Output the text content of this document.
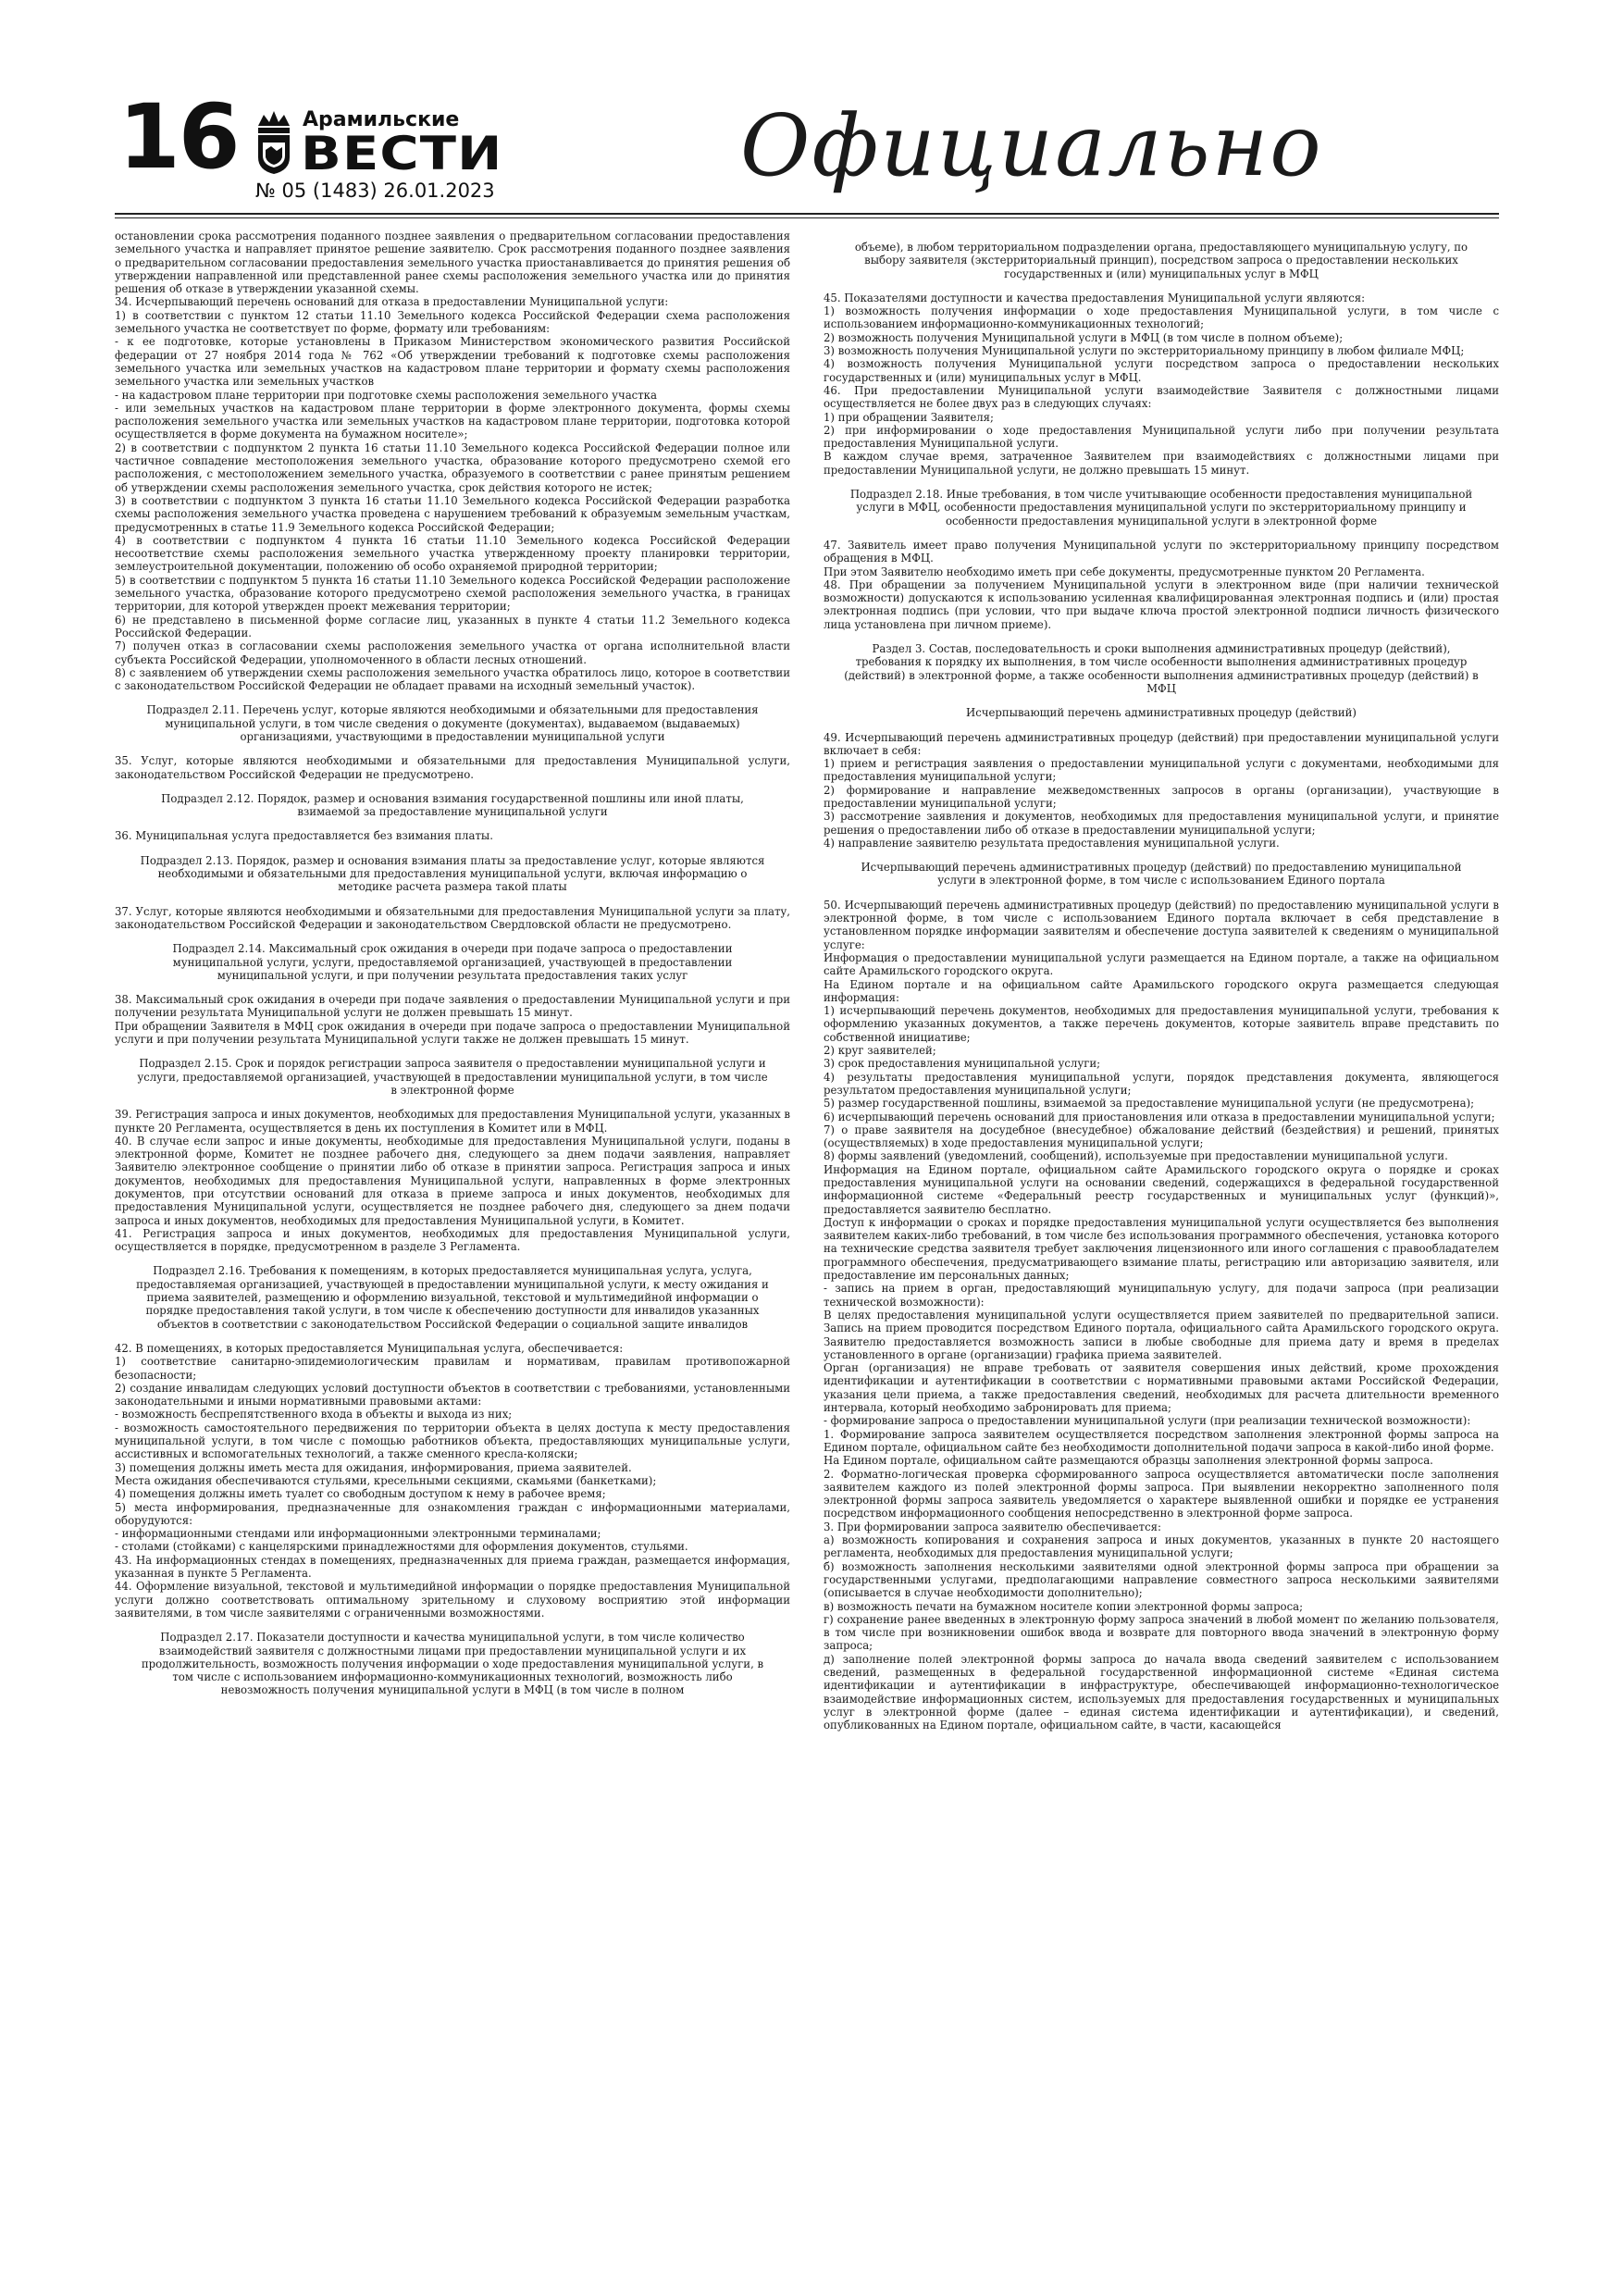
16	Арамильские
ВЕСТИ
№ 05 (1483) 26.01.2023	Официально

остановлении срока рассмотрения поданного позднее заявления о предварительном согласовании предоставления земельного участка и направляет принятое решение заявителю. Срок рассмотрения поданного позднее заявления о предварительном согласовании предоставления земельного участка приостанавливается до принятия решения об утверждении направленной или представленной ранее схемы расположения земельного участка или до принятия решения об отказе в утверждении указанной схемы.

34. Исчерпывающий перечень оснований для отказа в предоставлении Муниципальной услуги:

1) в соответствии с пунктом 12 статьи 11.10 Земельного кодекса Российской Федерации схема расположения земельного участка не соответствует по форме, формату или требованиям:

- к ее подготовке, которые установлены в Приказом Министерством экономического развития Российской федерации от 27 ноября 2014 года № 762 «Об утверждении требований к подготовке схемы расположения земельного участка или земельных участков на кадастровом плане территории и формату схемы расположения земельного участка или земельных участков

- на кадастровом плане территории при подготовке схемы расположения земельного участка

- или земельных участков на кадастровом плане территории в форме электронного документа, формы схемы расположения земельного участка или земельных участков на кадастровом плане территории, подготовка которой осуществляется в форме документа на бумажном носителе»;

2) в соответствии с подпунктом 2 пункта 16 статьи 11.10 Земельного кодекса Российской Федерации полное или частичное совпадение местоположения земельного участка, образование которого предусмотрено схемой его расположения, с местоположением земельного участка, образуемого в соответствии с ранее принятым решением об утверждении схемы расположения земельного участка, срок действия которого не истек;

3) в соответствии с подпунктом 3 пункта 16 статьи 11.10 Земельного кодекса Российской Федерации разработка схемы расположения земельного участка проведена с нарушением требований к образуемым земельным участкам, предусмотренных в статье 11.9 Земельного кодекса Российской Федерации;

4) в соответствии с подпунктом 4 пункта 16 статьи 11.10 Земельного кодекса Российской Федерации несоответствие схемы расположения земельного участка утвержденному проекту планировки территории, землеустроительной документации, положению об особо охраняемой природной территории;

5) в соответствии с подпунктом 5 пункта 16 статьи 11.10 Земельного кодекса Российской Федерации расположение земельного участка, образование которого предусмотрено схемой расположения земельного участка, в границах территории, для которой утвержден проект межевания территории;

6) не представлено в письменной форме согласие лиц, указанных в пункте 4 статьи 11.2 Земельного кодекса Российской Федерации.

7) получен отказ в согласовании схемы расположения земельного участка от органа исполнительной власти субъекта Российской Федерации, уполномоченного в области лесных отношений.

8) с заявлением об утверждении схемы расположения земельного участка обратилось лицо, которое в соответствии с законодательством Российской Федерации не обладает правами на исходный земельный участок).

Подраздел 2.11. Перечень услуг, которые являются необходимыми и обязательными для предоставления муниципальной услуги, в том числе сведения о документе (документах), выдаваемом (выдаваемых) организациями, участвующими в предоставлении муниципальной услуги

35. Услуг, которые являются необходимыми и обязательными для предоставления Муниципальной услуги, законодательством Российской Федерации не предусмотрено.

Подраздел 2.12. Порядок, размер и основания взимания государственной пошлины или иной платы, взимаемой за предоставление муниципальной услуги

36. Муниципальная услуга предоставляется без взимания платы.

Подраздел 2.13. Порядок, размер и основания взимания платы за предоставление услуг, которые являются необходимыми и обязательными для предоставления муниципальной услуги, включая информацию о методике расчета размера такой платы

37. Услуг, которые являются необходимыми и обязательными для предоставления Муниципальной услуги за плату, законодательством Российской Федерации и законодательством Свердловской области не предусмотрено.

Подраздел 2.14. Максимальный срок ожидания в очереди при подаче запроса о предоставлении муниципальной услуги, услуги, предоставляемой организацией, участвующей в предоставлении муниципальной услуги, и при получении результата предоставления таких услуг

38. Максимальный срок ожидания в очереди при подаче заявления о предоставлении Муниципальной услуги и при получении результата Муниципальной услуги не должен превышать 15 минут.

При обращении Заявителя в МФЦ срок ожидания в очереди при подаче запроса о предоставлении Муниципальной услуги и при получении результата Муниципальной услуги также не должен превышать 15 минут.

Подраздел 2.15. Срок и порядок регистрации запроса заявителя о предоставлении муниципальной услуги и услуги, предоставляемой организацией, участвующей в предоставлении муниципальной услуги, в том числе в электронной форме

39. Регистрация запроса и иных документов, необходимых для предоставления Муниципальной услуги, указанных в пункте 20 Регламента, осуществляется в день их поступления в Комитет или в МФЦ.

40. В случае если запрос и иные документы, необходимые для предоставления Муниципальной услуги, поданы в электронной форме, Комитет не позднее рабочего дня, следующего за днем подачи заявления, направляет Заявителю электронное сообщение о принятии либо об отказе в принятии запроса. Регистрация запроса и иных документов, необходимых для предоставления Муниципальной услуги, направленных в форме электронных документов, при отсутствии оснований для отказа в приеме запроса и иных документов, необходимых для предоставления Муниципальной услуги, осуществляется не позднее рабочего дня, следующего за днем подачи запроса и иных документов, необходимых для предоставления Муниципальной услуги, в Комитет.

41. Регистрация запроса и иных документов, необходимых для предоставления Муниципальной услуги, осуществляется в порядке, предусмотренном в разделе 3 Регламента.

Подраздел 2.16. Требования к помещениям, в которых предоставляется муниципальная услуга, услуга, предоставляемая организацией, участвующей в предоставлении муниципальной услуги, к месту ожидания и приема заявителей, размещению и оформлению визуальной, текстовой и мультимедийной информации о порядке предоставления такой услуги, в том числе к обеспечению доступности для инвалидов указанных объектов в соответствии с законодательством Российской Федерации о социальной защите инвалидов

42. В помещениях, в которых предоставляется Муниципальная услуга, обеспечивается:

1) соответствие санитарно-эпидемиологическим правилам и нормативам, правилам противопожарной безопасности;

2) создание инвалидам следующих условий доступности объектов в соответствии с требованиями, установленными законодательными и иными нормативными правовыми актами:

- возможность беспрепятственного входа в объекты и выхода из них;

- возможность самостоятельного передвижения по территории объекта в целях доступа к месту предоставления муниципальной услуги, в том числе с помощью работников объекта, предоставляющих муниципальные услуги, ассистивных и вспомогательных технологий, а также сменного кресла-коляски;

3) помещения должны иметь места для ожидания, информирования, приема заявителей.

Места ожидания обеспечиваются стульями, кресельными секциями, скамьями (банкетками);

4) помещения должны иметь туалет со свободным доступом к нему в рабочее время;

5) места информирования, предназначенные для ознакомления граждан с информационными материалами, оборудуются:

- информационными стендами или информационными электронными терминалами;

- столами (стойками) с канцелярскими принадлежностями для оформления документов, стульями.

43. На информационных стендах в помещениях, предназначенных для приема граждан, размещается информация, указанная в пункте 5 Регламента.

44. Оформление визуальной, текстовой и мультимедийной информации о порядке предоставления Муниципальной услуги должно соответствовать оптимальному зрительному и слуховому восприятию этой информации заявителями, в том числе заявителями с ограниченными возможностями.

Подраздел 2.17. Показатели доступности и качества муниципальной услуги, в том числе количество взаимодействий заявителя с должностными лицами при предоставлении муниципальной услуги и их продолжительность, возможность получения информации о ходе предоставления муниципальной услуги, в том числе с использованием информационно-коммуникационных технологий, возможность либо невозможность получения муниципальной услуги в МФЦ (в том числе в полном

объеме), в любом территориальном подразделении органа, предоставляющего муниципальную услугу, по выбору заявителя (экстерриториальный принцип), посредством запроса о предоставлении нескольких государственных и (или) муниципальных услуг в МФЦ

45. Показателями доступности и качества предоставления Муниципальной услуги являются:

1) возможность получения информации о ходе предоставления Муниципальной услуги, в том числе с использованием информационно-коммуникационных технологий;

2) возможность получения Муниципальной услуги в МФЦ (в том числе в полном объеме);

3) возможность получения Муниципальной услуги по экстерриториальному принципу в любом филиале МФЦ;

4) возможность получения Муниципальной услуги посредством запроса о предоставлении нескольких государственных и (или) муниципальных услуг в МФЦ.

46. При предоставлении Муниципальной услуги взаимодействие Заявителя с должностными лицами осуществляется не более двух раз в следующих случаях:

1) при обращении Заявителя;

2) при информировании о ходе предоставления Муниципальной услуги либо при получении результата предоставления Муниципальной услуги.

В каждом случае время, затраченное Заявителем при взаимодействиях с должностными лицами при предоставлении Муниципальной услуги, не должно превышать 15 минут.

Подраздел 2.18. Иные требования, в том числе учитывающие особенности предоставления муниципальной услуги в МФЦ, особенности предоставления муниципальной услуги по экстерриториальному принципу и особенности предоставления муниципальной услуги в электронной форме

47. Заявитель имеет право получения Муниципальной услуги по экстерриториальному принципу посредством обращения в МФЦ.

При этом Заявителю необходимо иметь при себе документы, предусмотренные пунктом 20 Регламента.

48. При обращении за получением Муниципальной услуги в электронном виде (при наличии технической возможности) допускаются к использованию усиленная квалифицированная электронная подпись и (или) простая электронная подпись (при условии, что при выдаче ключа простой электронной подписи личность физического лица установлена при личном приеме).

Раздел 3. Состав, последовательность и сроки выполнения административных процедур (действий), требования к порядку их выполнения, в том числе особенности выполнения административных процедур (действий) в электронной форме, а также особенности выполнения административных процедур (действий) в МФЦ

Исчерпывающий перечень административных процедур (действий)

49. Исчерпывающий перечень административных процедур (действий) при предоставлении муниципальной услуги включает в себя:

1) прием и регистрация заявления о предоставлении муниципальной услуги с документами, необходимыми для предоставления муниципальной услуги;

2) формирование и направление межведомственных запросов в органы (организации), участвующие в предоставлении муниципальной услуги;

3) рассмотрение заявления и документов, необходимых для предоставления муниципальной услуги, и принятие решения о предоставлении либо об отказе в предоставлении муниципальной услуги;

4) направление заявителю результата предоставления муниципальной услуги.

Исчерпывающий перечень административных процедур (действий) по предоставлению муниципальной услуги в электронной форме, в том числе с использованием Единого портала

50. Исчерпывающий перечень административных процедур (действий) по предоставлению муниципальной услуги в электронной форме, в том числе с использованием Единого портала включает в себя представление в установленном порядке информации заявителям и обеспечение доступа заявителей к сведениям о муниципальной услуге:

Информация о предоставлении муниципальной услуги размещается на Едином портале, а также на официальном сайте Арамильского городского округа.

На Едином портале и на официальном сайте Арамильского городского округа размещается следующая информация:

1) исчерпывающий перечень документов, необходимых для предоставления муниципальной услуги, требования к оформлению указанных документов, а также перечень документов, которые заявитель вправе представить по собственной инициативе;

2) круг заявителей;

3) срок предоставления муниципальной услуги;

4) результаты предоставления муниципальной услуги, порядок представления документа, являющегося результатом предоставления муниципальной услуги;

5) размер государственной пошлины, взимаемой за предоставление муниципальной услуги (не предусмотрена);

6) исчерпывающий перечень оснований для приостановления или отказа в предоставлении муниципальной услуги;

7) о праве заявителя на досудебное (внесудебное) обжалование действий (бездействия) и решений, принятых (осуществляемых) в ходе предоставления муниципальной услуги;

8) формы заявлений (уведомлений, сообщений), используемые при предоставлении муниципальной услуги.

Информация на Едином портале, официальном сайте Арамильского городского округа о порядке и сроках предоставления муниципальной услуги на основании сведений, содержащихся в федеральной государственной информационной системе «Федеральный реестр государственных и муниципальных услуг (функций)», предоставляется заявителю бесплатно.

Доступ к информации о сроках и порядке предоставления муниципальной услуги осуществляется без выполнения заявителем каких-либо требований, в том числе без использования программного обеспечения, установка которого на технические средства заявителя требует заключения лицензионного или иного соглашения с правообладателем программного обеспечения, предусматривающего взимание платы, регистрацию или авторизацию заявителя, или предоставление им персональных данных;

- запись на прием в орган, предоставляющий муниципальную услугу, для подачи запроса (при реализации технической возможности):

В целях предоставления муниципальной услуги осуществляется прием заявителей по предварительной записи. Запись на прием проводится посредством Единого портала, официального сайта Арамильского городского округа. Заявителю предоставляется возможность записи в любые свободные для приема дату и время в пределах установленного в органе (организации) графика приема заявителей.

Орган (организация) не вправе требовать от заявителя совершения иных действий, кроме прохождения идентификации и аутентификации в соответствии с нормативными правовыми актами Российской Федерации, указания цели приема, а также предоставления сведений, необходимых для расчета длительности временного интервала, который необходимо забронировать для приема;

- формирование запроса о предоставлении муниципальной услуги (при реализации технической возможности):

1. Формирование запроса заявителем осуществляется посредством заполнения электронной формы запроса на Едином портале, официальном сайте без необходимости дополнительной подачи запроса в какой-либо иной форме.

На Едином портале, официальном сайте размещаются образцы заполнения электронной формы запроса.

2. Форматно-логическая проверка сформированного запроса осуществляется автоматически после заполнения заявителем каждого из полей электронной формы запроса. При выявлении некорректно заполненного поля электронной формы запроса заявитель уведомляется о характере выявленной ошибки и порядке ее устранения посредством информационного сообщения непосредственно в электронной форме запроса.

3. При формировании запроса заявителю обеспечивается:

а) возможность копирования и сохранения запроса и иных документов, указанных в пункте 20 настоящего регламента, необходимых для предоставления муниципальной услуги;

б) возможность заполнения несколькими заявителями одной электронной формы запроса при обращении за государственными услугами, предполагающими направление совместного запроса несколькими заявителями (описывается в случае необходимости дополнительно);

в) возможность печати на бумажном носителе копии электронной формы запроса;

г) сохранение ранее введенных в электронную форму запроса значений в любой момент по желанию пользователя, в том числе при возникновении ошибок ввода и возврате для повторного ввода значений в электронную форму запроса;

д) заполнение полей электронной формы запроса до начала ввода сведений заявителем с использованием сведений, размещенных в федеральной государственной информационной системе «Единая система идентификации и аутентификации в инфраструктуре, обеспечивающей информационно-технологическое взаимодействие информационных систем, используемых для предоставления государственных и муниципальных услуг в электронной форме (далее – единая система идентификации и аутентификации), и сведений, опубликованных на Едином портале, официальном сайте, в части, касающейся
